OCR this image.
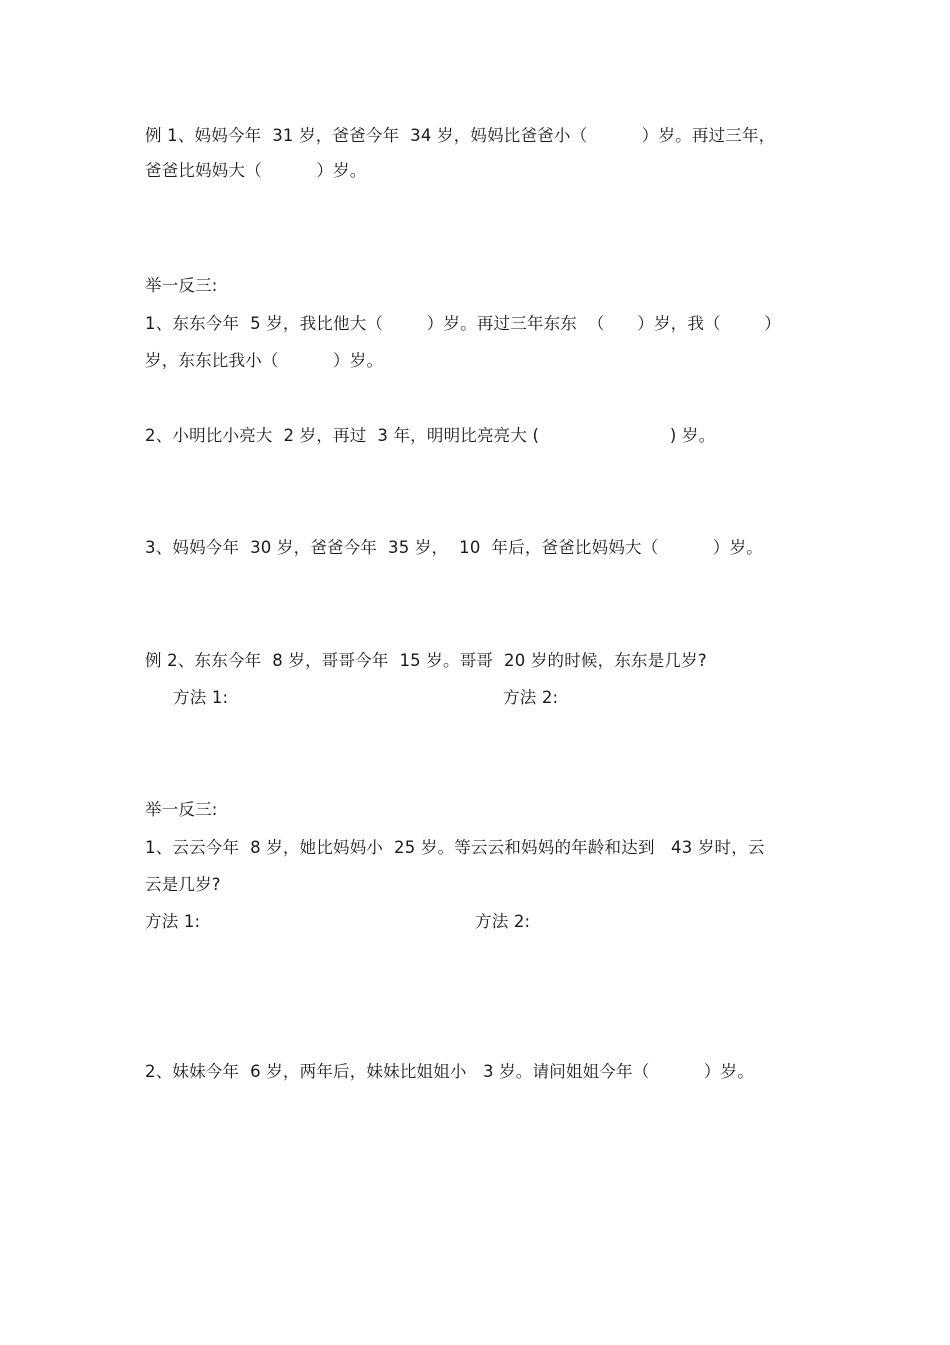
例 1、妈妈今年  31 岁，爸爸今年  34 岁，妈妈比爸爸小（          ）岁。再过三年，
爸爸比妈妈大（          ）岁。
举一反三:
1、东东今年  5 岁，我比他大（        ）岁。再过三年东东  （      ）岁，我（        ）
岁，东东比我小（          ）岁。
2、小明比小亮大  2 岁，再过  3 年，明明比亮亮大 (                        ) 岁。
3、妈妈今年  30 岁，爸爸今年  35 岁，  10  年后，爸爸比妈妈大（          ）岁。
例 2、东东今年  8 岁，哥哥今年  15 岁。哥哥  20 岁的时候，东东是几岁?
方法 1:	方法 2:
举一反三:
1、云云今年  8 岁，她比妈妈小  25 岁。等云云和妈妈的年龄和达到   43 岁时，云
云是几岁?
方法 1:	方法 2:
2、妹妹今年  6 岁，两年后，妹妹比姐姐小   3 岁。请问姐姐今年（          ）岁。
